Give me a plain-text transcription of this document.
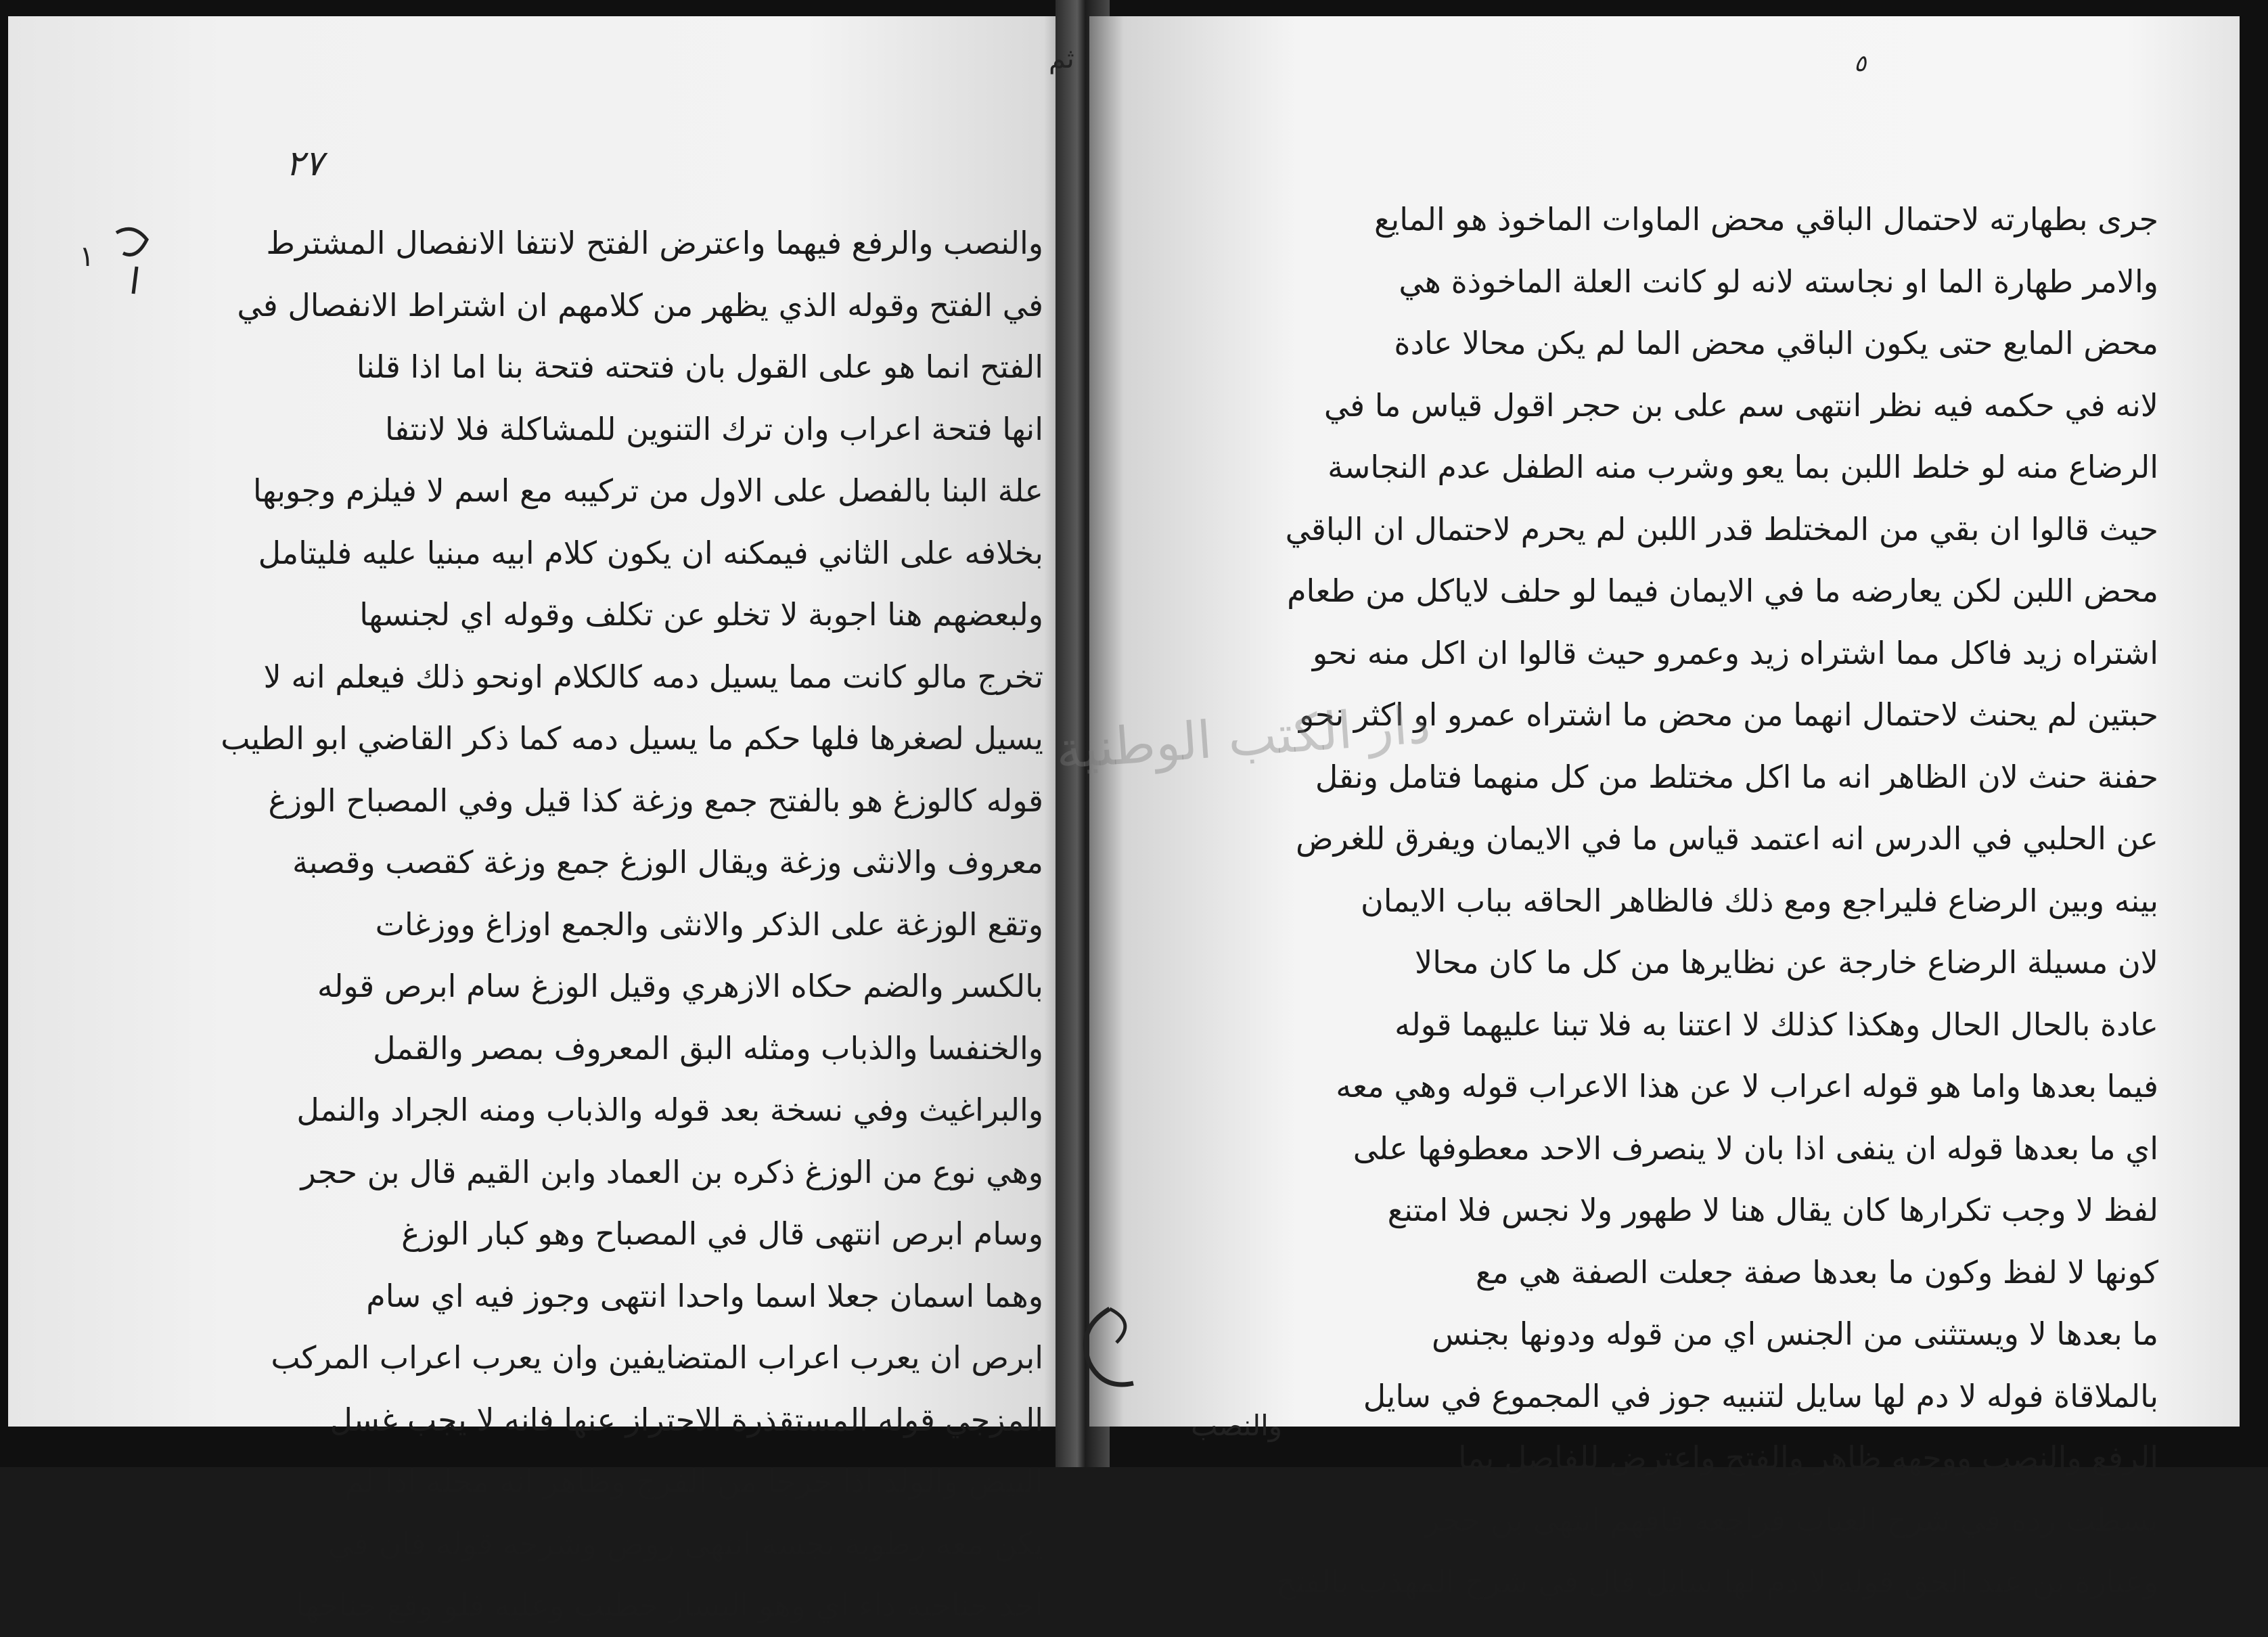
٢٧
والنصب والرفع فيهما واعترض الفتح لانتفا الانفصال المشترط
في الفتح وقوله الذي يظهر من كلامهم ان اشتراط الانفصال في
الفتح انما هو على القول بان فتحته فتحة بنا اما اذا قلنا
انها فتحة اعراب وان ترك التنوين للمشاكلة فلا لانتفا
علة البنا بالفصل على الاول من تركيبه مع اسم لا فيلزم وجوبها
بخلافه على الثاني فيمكنه ان يكون كلام ابيه مبنيا عليه فليتامل
ولبعضهم هنا اجوبة لا تخلو عن تكلف وقوله اي لجنسها
تخرج مالو كانت مما يسيل دمه كالكلام اونحو ذلك فيعلم انه لا
يسيل لصغرها فلها حكم ما يسيل دمه كما ذكر القاضي ابو الطيب
قوله كالوزغ هو بالفتح جمع وزغة كذا قيل وفي المصباح الوزغ
معروف والانثى وزغة ويقال الوزغ جمع وزغة كقصب وقصبة
وتقع الوزغة على الذكر والانثى والجمع اوزاغ ووزغات
بالكسر والضم حكاه الازهري وقيل الوزغ سام ابرص قوله
والخنفسا والذباب ومثله البق المعروف بمصر والقمل
والبراغيث وفي نسخة بعد قوله والذباب ومنه الجراد والنمل
وهي نوع من الوزغ ذكره بن العماد وابن القيم قال بن حجر
وسام ابرص انتهى قال في المصباح وهو كبار الوزغ
وهما اسمان جعلا اسما واحدا انتهى وجوز فيه اي سام
ابرص ان يعرب اعراب المتضايفين وان يعرب اعراب المركب
المزجي قوله المستقذرة الاحتراز عنها فانه لا يجب غسل
البيض والولد اذا خرجا من الفرج وظاهر انه محله اذا لم
يكن معه رطوبة نجسة انتهى روض وشرحه قوله فان في
احد جناحيه داء اي وهو اليسار خطيب وعليه فلو وقع جناحها
١
٥
ثم
جرى بطهارته لاحتمال الباقي محض الماوات الماخوذ هو المايع
والامر طهارة الما او نجاسته لانه لو كانت العلة الماخوذة هي
محض المايع حتى يكون الباقي محض الما لم يكن محالا عادة
لانه في حكمه فيه نظر انتهى سم على بن حجر اقول قياس ما في
الرضاع منه لو خلط اللبن بما يعو وشرب منه الطفل عدم النجاسة
حيث قالوا ان بقي من المختلط قدر اللبن لم يحرم لاحتمال ان الباقي
محض اللبن لكن يعارضه ما في الايمان فيما لو حلف لاياكل من طعام
اشتراه زيد فاكل مما اشتراه زيد وعمرو حيث قالوا ان اكل منه نحو
حبتين لم يحنث لاحتمال انهما من محض ما اشتراه عمرو او اكثر نحو
حفنة حنث لان الظاهر انه ما اكل مختلط من كل منهما فتامل ونقل
عن الحلبي في الدرس انه اعتمد قياس ما في الايمان ويفرق للغرض
بينه وبين الرضاع فليراجع ومع ذلك فالظاهر الحاقه بباب الايمان
لان مسيلة الرضاع خارجة عن نظايرها من كل ما كان محالا
عادة بالحال الحال وهكذا كذلك لا اعتنا به فلا تبنا عليهما قوله
فيما بعدها واما هو قوله اعراب لا عن هذا الاعراب قوله وهي معه
اي ما بعدها قوله ان ينفى اذا بان لا ينصرف الاحد معطوفها على
لفظ لا وجب تكرارها كان يقال هنا لا طهور ولا نجس فلا امتنع
كونها لا لفظ وكون ما بعدها صفة جعلت الصفة هي مع
ما بعدها لا ويستثنى من الجنس اي من قوله ودونها بجنس
بالملاقاة فوله لا دم لها سايل لتنبيه جوز في المجموع في سايل
الرفع والنصب ووجهه ظاهر والفتح واعترض للفاصل بما
بسطت رده في شرح العباب فراجعه فافهم انتهى بن حجر
وعبارة بن عبد الحق قوله لا دم لها سايل قال في شرح المهذب بالفتح
والنصب
دار الكتب الوطنية
